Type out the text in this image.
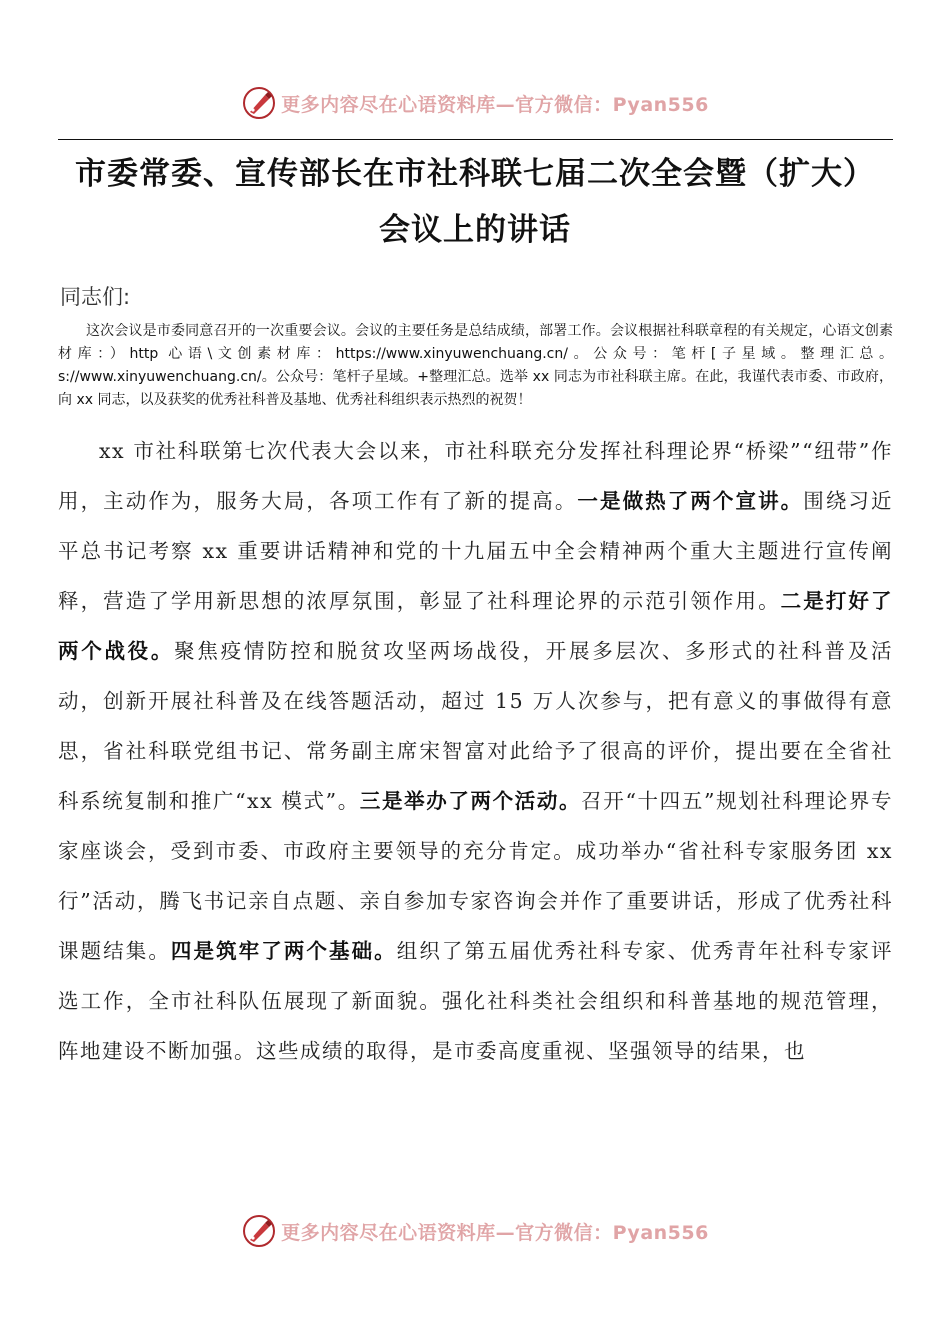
更多内容尽在心语资料库—官方微信：Pyan556
市委常委、宣传部长在市社科联七届二次全会暨（扩大）会议上的讲话
同志们:

这次会议是市委同意召开的一次重要会议。会议的主要任务是总结成绩，部署工作。会议根据社科联章程的有关规定，心语文创素材库：）http 心语\文创素材库：https://www.xinyuwenchuang.cn/。公众号：笔杆[子星域。整理汇总。s://www.xinyuwenchuang.cn/。公众号：笔杆子星域。+整理汇总。选举 xx 同志为市社科联主席。在此，我谨代表市委、市政府，向 xx 同志，以及获奖的优秀社科普及基地、优秀社科组织表示热烈的祝贺！

xx 市社科联第七次代表大会以来，市社科联充分发挥社科理论界“桥梁”“纽带”作用，主动作为，服务大局，各项工作有了新的提高。一是做热了两个宣讲。围绕习近平总书记考察 xx 重要讲话精神和党的十九届五中全会精神两个重大主题进行宣传阐释，营造了学用新思想的浓厚氛围，彰显了社科理论界的示范引领作用。二是打好了两个战役。聚焦疫情防控和脱贫攻坚两场战役，开展多层次、多形式的社科普及活动，创新开展社科普及在线答题活动，超过 15 万人次参与，把有意义的事做得有意思，省社科联党组书记、常务副主席宋智富对此给予了很高的评价，提出要在全省社科系统复制和推广“xx 模式”。三是举办了两个活动。召开“十四五”规划社科理论界专家座谈会，受到市委、市政府主要领导的充分肯定。成功举办“省社科专家服务团 xx 行”活动，腾飞书记亲自点题、亲自参加专家咨询会并作了重要讲话，形成了优秀社科课题结集。四是筑牢了两个基础。组织了第五届优秀社科专家、优秀青年社科专家评选工作，全市社科队伍展现了新面貌。强化社科类社会组织和科普基地的规范管理，阵地建设不断加强。这些成绩的取得，是市委高度重视、坚强领导的结果，也

更多内容尽在心语资料库—官方微信：Pyan556
